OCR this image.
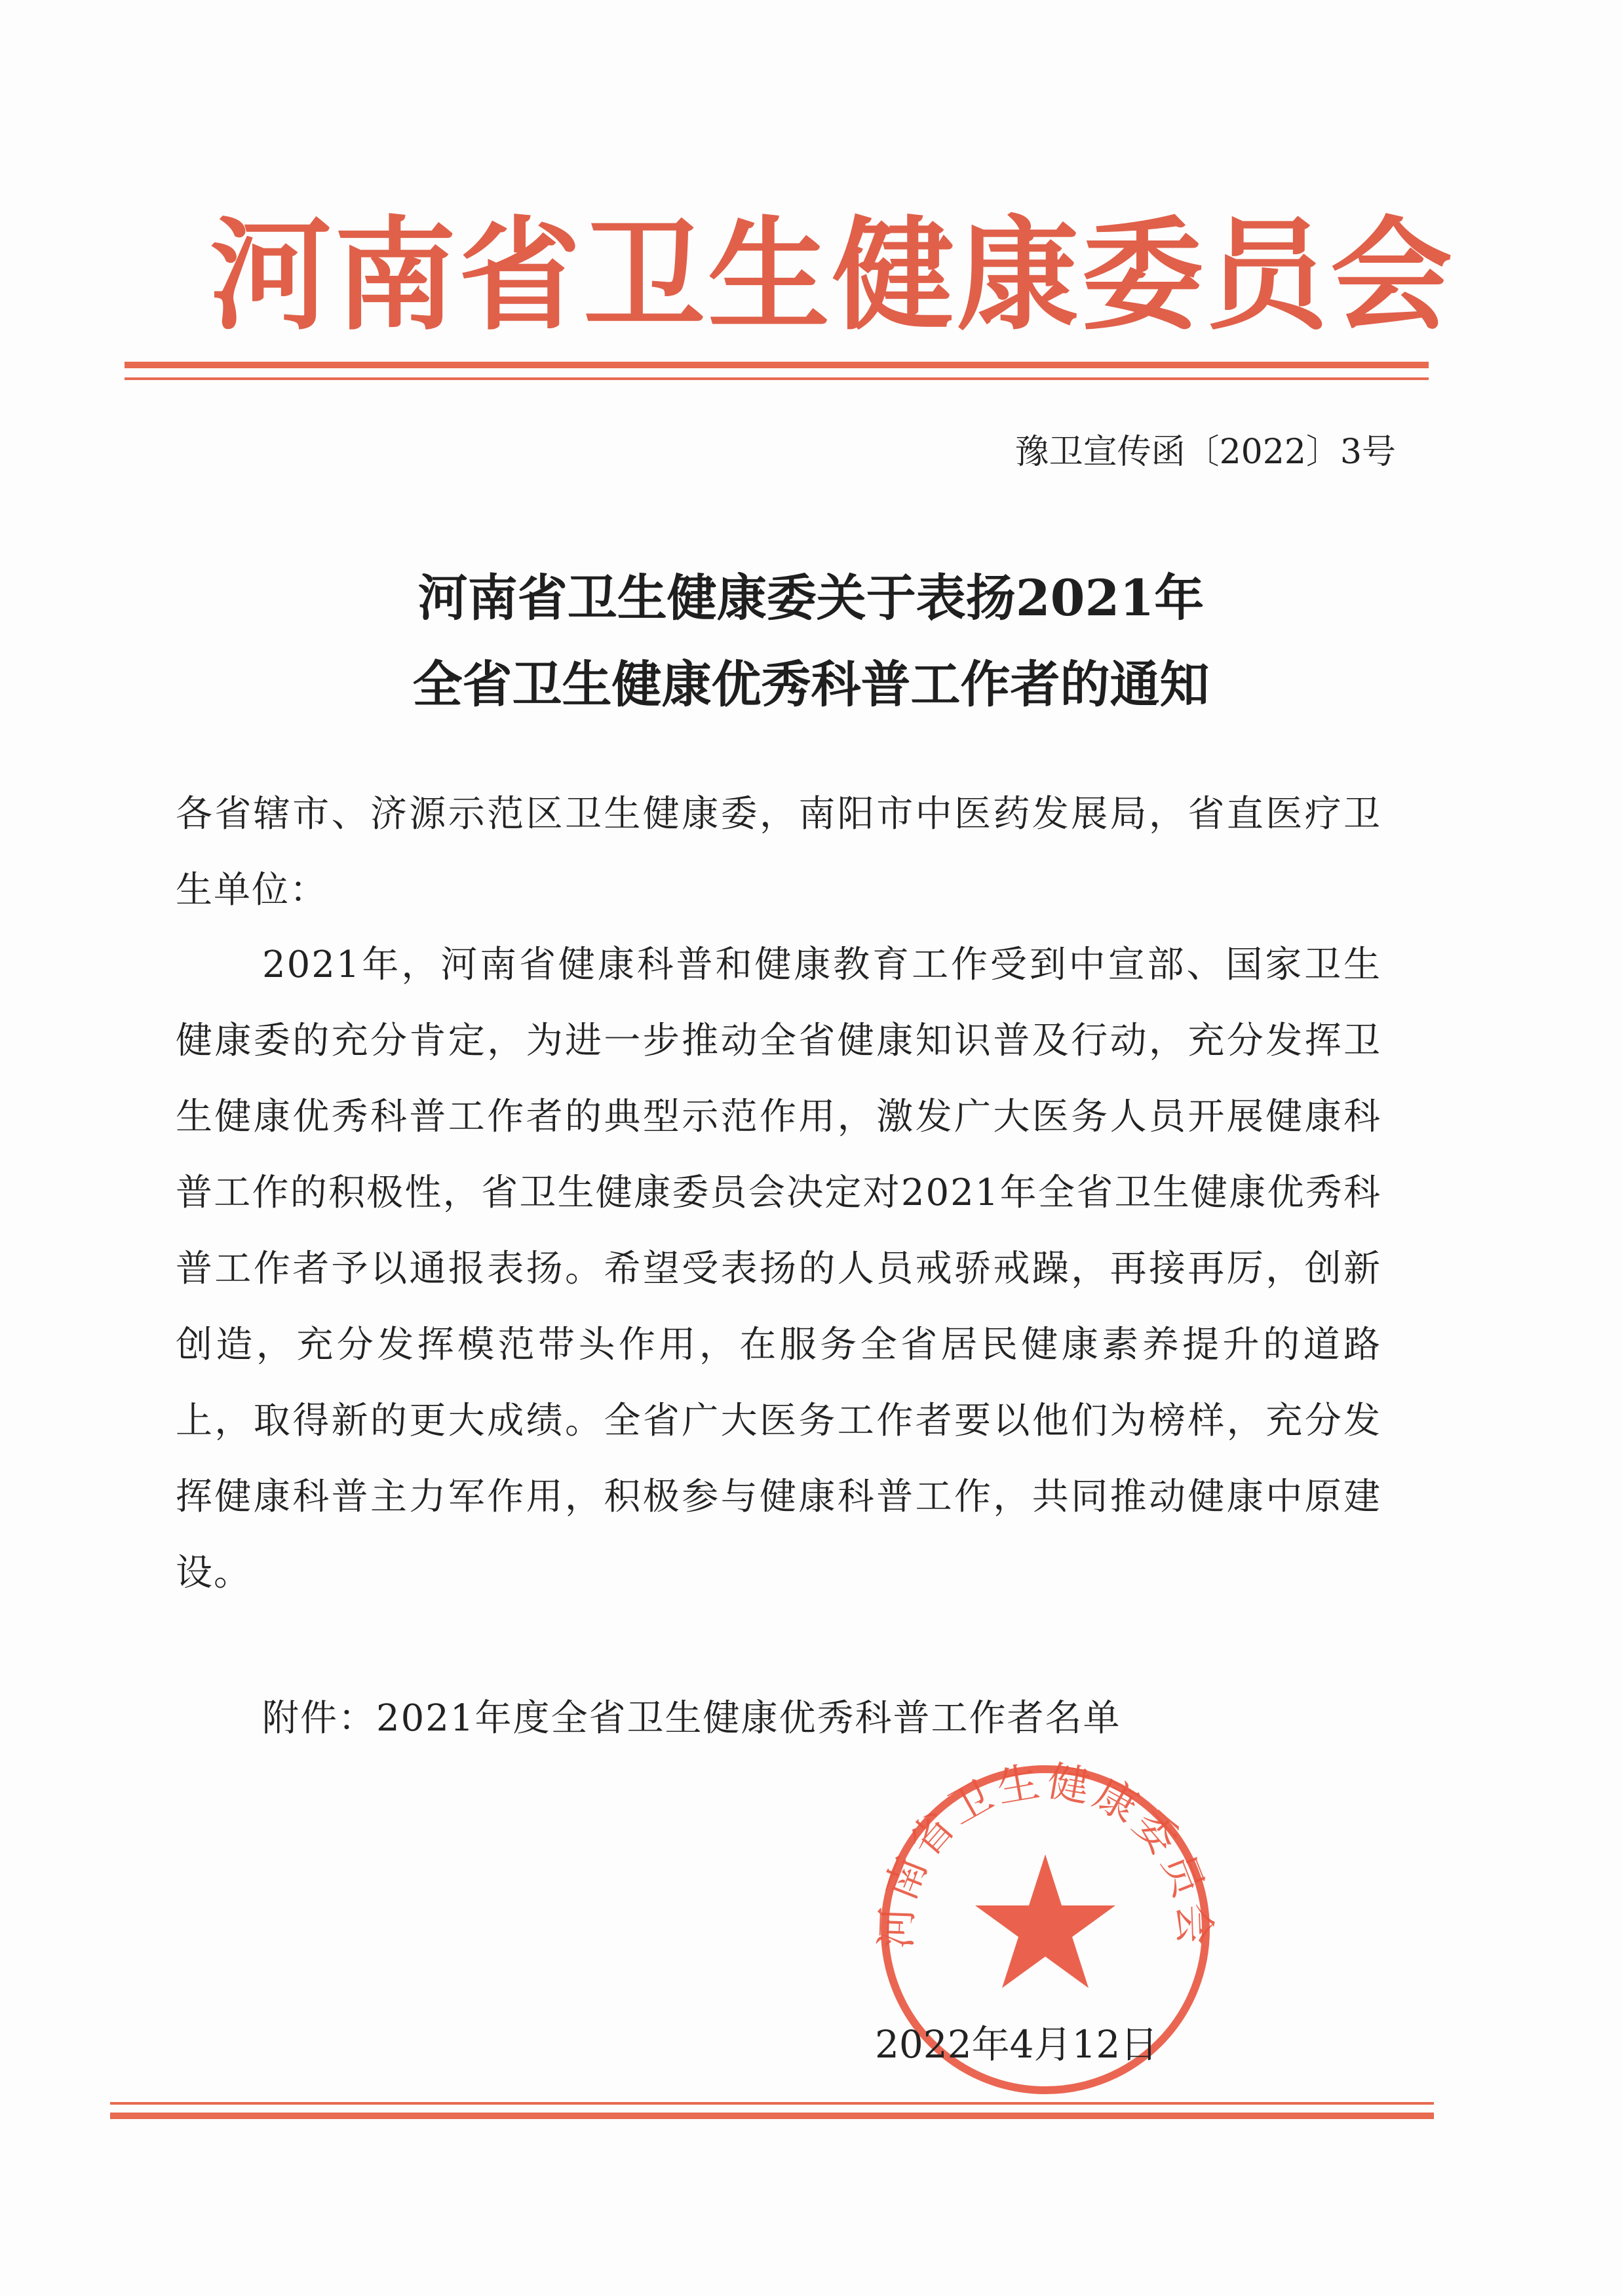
河南省卫生健康委员会
豫卫宣传函〔2022〕3号
河南省卫生健康委关于表扬2021年
全省卫生健康优秀科普工作者的通知
各省辖市、济源示范区卫生健康委，南阳市中医药发展局，省直医疗卫生单位：
2021年，河南省健康科普和健康教育工作受到中宣部、国家卫生健康委的充分肯定，为进一步推动全省健康知识普及行动，充分发挥卫生健康优秀科普工作者的典型示范作用，激发广大医务人员开展健康科普工作的积极性，省卫生健康委员会决定对2021年全省卫生健康优秀科普工作者予以通报表扬。希望受表扬的人员戒骄戒躁，再接再厉，创新创造，充分发挥模范带头作用，在服务全省居民健康素养提升的道路上，取得新的更大成绩。全省广大医务工作者要以他们为榜样，充分发挥健康科普主力军作用，积极参与健康科普工作，共同推动健康中原建设。
附件：2021年度全省卫生健康优秀科普工作者名单
河南省卫生健康委员会
2022年4月12日
